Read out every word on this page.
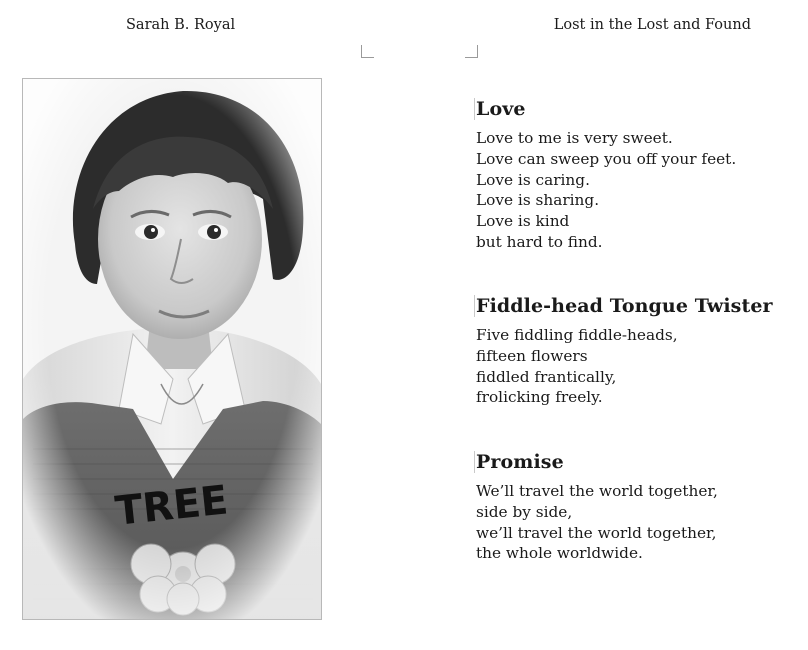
Sarah B. Royal	Lost in the Lost and Found
Love
Love to me is very sweet.
Love can sweep you off your feet.
Love is caring.
Love is sharing.
Love is kind
but hard to find.
Fiddle-head Tongue Twister
Five fiddling fiddle-heads,
fifteen flowers
fiddled frantically,
frolicking freely.
Promise
We’ll travel the world together,
side by side,
we’ll travel the world together,
the whole worldwide.
